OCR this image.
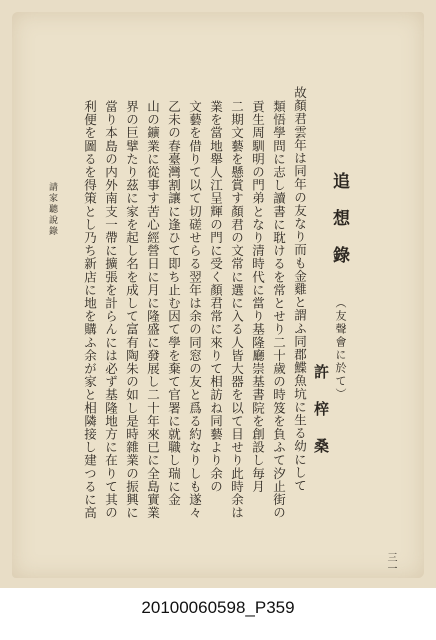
追想錄
（友聲會に於て）
許梓桑
故顏君雲年は同年の友なり而も金雞と謂ふ同郡鰈魚坑に生る幼にして
類悟學問に志し讀書に耽けるを常とせり二十歲の時笈を負ふて汐止街の
貢生周馴明の門弟となり清時代に當り基隆廳崇基書院を創設し毎月
二期文藝を懸賞す顏君の文常に選に入る人皆大器を以て目せり此時余は
業を當地舉人江呈輝の門に受く顏君常に來りて相訪ね同藝より余の
文藝を借りて以て切磋せらる翌年は余の同窓の友と爲る約なりしも遂々
乙未の春臺灣割讓に逢ひて即ち止む因て學を棄て官署に就職し瑞に金
山の鑛業に從事す苦心經營日に月に隆盛に發展し二十年來已に全島實業
界の巨擘たり茲に家を起し名を成して富有陶朱の如し是時雜業の振興に
當り本島の内外南支一帶に擴張を計らんには必ず基隆地方に在りて其の
利便を圖るを得策とし乃ち新店に地を購ふ余が家と相隣接し建つるに高
請家聽說錄
三一
20100060598_P359
